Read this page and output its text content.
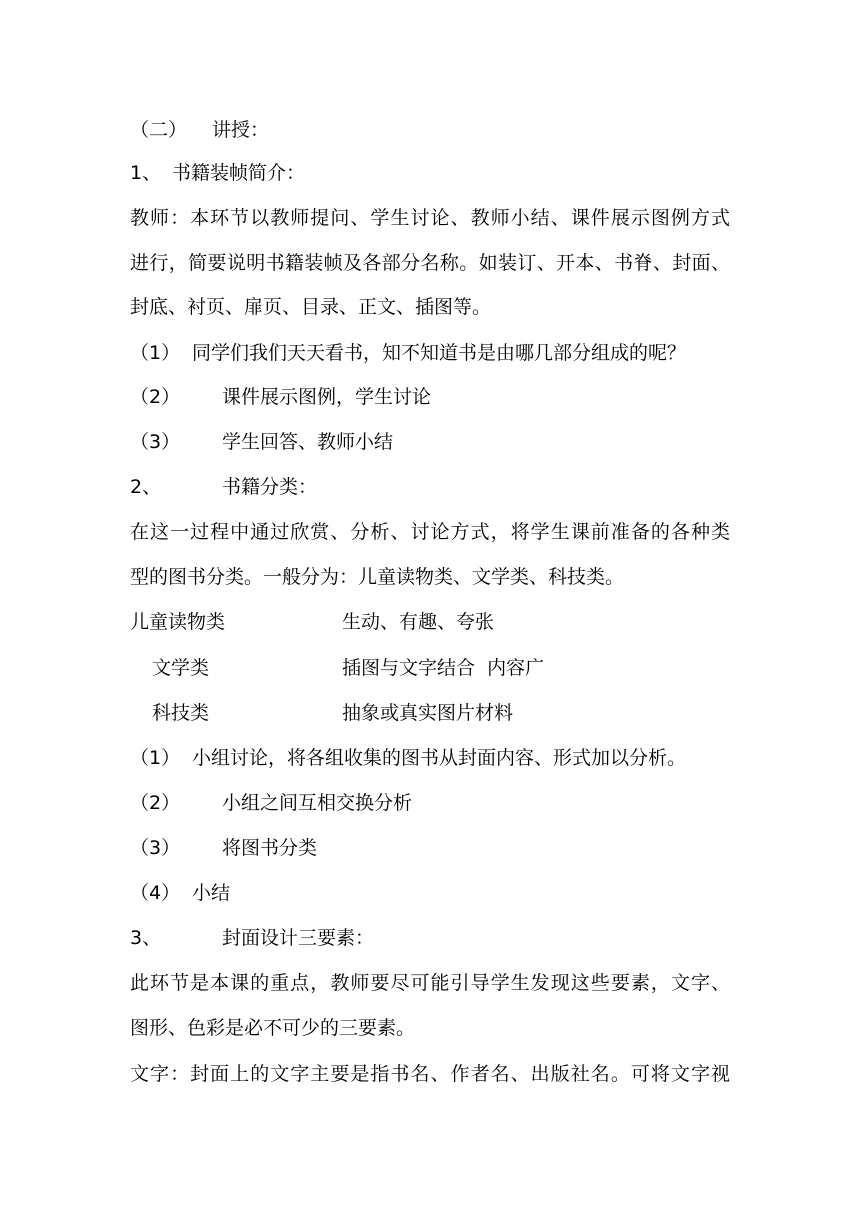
（二） 讲授：
1、 书籍装帧简介：
教师：本环节以教师提问、学生讨论、教师小结、课件展示图例方式
进行，简要说明书籍装帧及各部分名称。如装订、开本、书脊、封面、
封底、衬页、扉页、目录、正文、插图等。
（1） 同学们我们天天看书，知不知道书是由哪几部分组成的呢？
（2） 课件展示图例，学生讨论
（3） 学生回答、教师小结
2、	书籍分类：
在这一过程中通过欣赏、分析、讨论方式，将学生课前准备的各种类
型的图书分类。一般分为：儿童读物类、文学类、科技类。
儿童读物类	生动、有趣、夸张
文学类	插图与文字结合  内容广
科技类	抽象或真实图片材料
（1） 小组讨论，将各组收集的图书从封面内容、形式加以分析。
（2） 小组之间互相交换分析
（3） 将图书分类
（4） 小结
3、	封面设计三要素：
此环节是本课的重点，教师要尽可能引导学生发现这些要素，文字、
图形、色彩是必不可少的三要素。
文字：封面上的文字主要是指书名、作者名、出版社名。可将文字视
